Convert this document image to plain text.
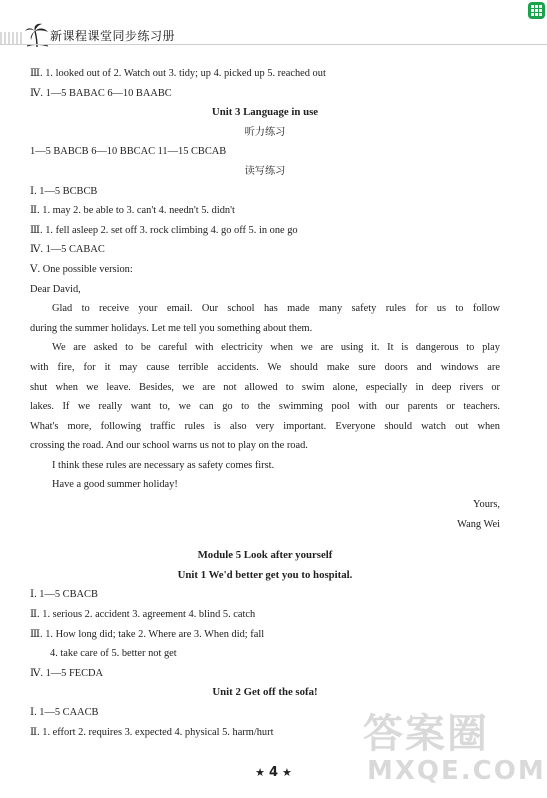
新课程课堂同步练习册
Ⅲ. 1. looked out of 2. Watch out 3. tidy; up 4. picked up 5. reached out
Ⅳ. 1—5 BABAC 6—10 BAABC
Unit 3 Language in use
听力练习
1—5 BABCB 6—10 BBCAC 11—15 CBCAB
读写练习
Ⅰ. 1—5 BCBCB
Ⅱ. 1. may 2. be able to 3. can't 4. needn't 5. didn't
Ⅲ. 1. fell asleep 2. set off 3. rock climbing 4. go off 5. in one go
Ⅳ. 1—5 CABAC
Ⅴ. One possible version:
Dear David,
Glad to receive your email. Our school has made many safety rules for us to follow
during the summer holidays. Let me tell you something about them.
We are asked to be careful with electricity when we are using it. It is dangerous to play
with fire, for it may cause terrible accidents. We should make sure doors and windows are
shut when we leave. Besides, we are not allowed to swim alone, especially in deep rivers or
lakes. If we really want to, we can go to the swimming pool with our parents or teachers.
What's more, following traffic rules is also very important. Everyone should watch out when
crossing the road. And our school warns us not to play on the road.
I think these rules are necessary as safety comes first.
Have a good summer holiday!
Yours,
Wang Wei
Module 5 Look after yourself
Unit 1 We'd better get you to hospital.
Ⅰ. 1—5 CBACB
Ⅱ. 1. serious 2. accident 3. agreement 4. blind 5. catch
Ⅲ. 1. How long did; take 2. Where are 3. When did; fall
4. take care of 5. better not get
Ⅳ. 1—5 FECDA
Unit 2 Get off the sofa!
Ⅰ. 1—5 CAACB
Ⅱ. 1. effort 2. requires 3. expected 4. physical 5. harm/hurt	答案圈
MXQE.COM
★ 4 ★
